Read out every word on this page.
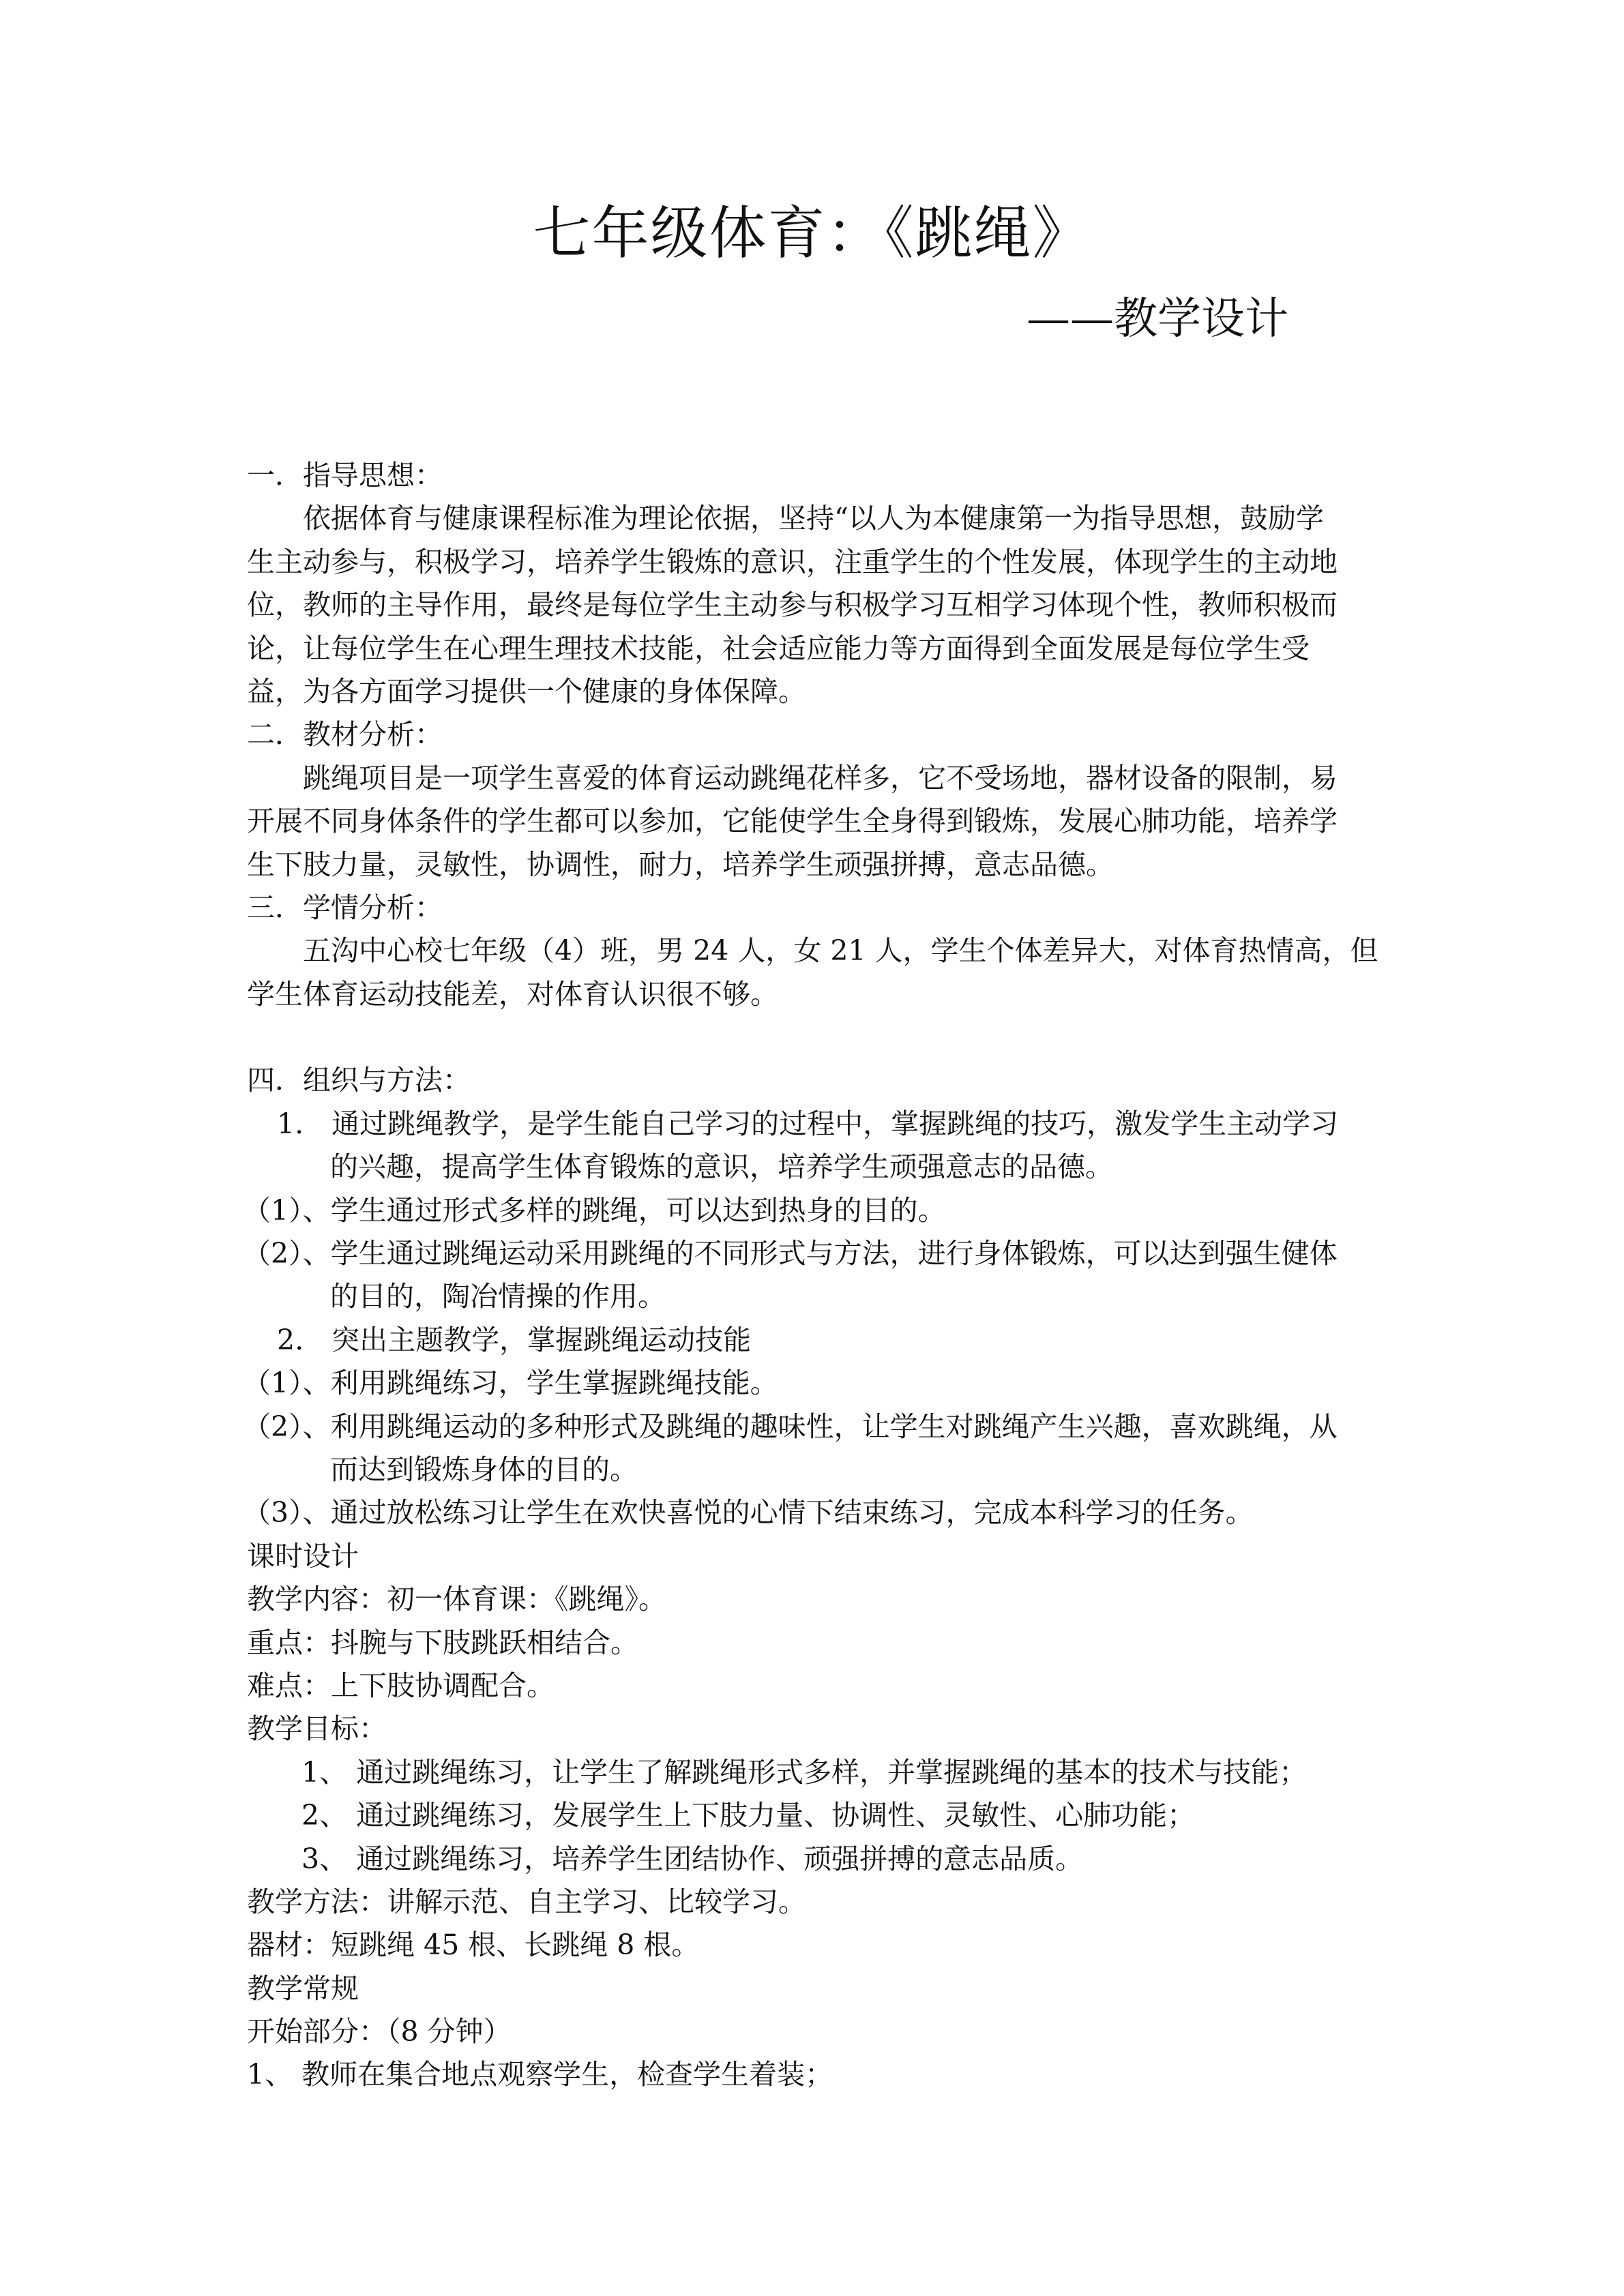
七年级体育：《跳绳》

——教学设计

一．指导思想：
依据体育与健康课程标准为理论依据，坚持“以人为本健康第一为指导思想，鼓励学
生主动参与，积极学习，培养学生锻炼的意识，注重学生的个性发展，体现学生的主动地
位，教师的主导作用，最终是每位学生主动参与积极学习互相学习体现个性，教师积极而
论，让每位学生在心理生理技术技能，社会适应能力等方面得到全面发展是每位学生受
益，为各方面学习提供一个健康的身体保障。
二．教材分析：
跳绳项目是一项学生喜爱的体育运动跳绳花样多，它不受场地，器材设备的限制，易
开展不同身体条件的学生都可以参加，它能使学生全身得到锻炼，发展心肺功能，培养学
生下肢力量，灵敏性，协调性，耐力，培养学生顽强拼搏，意志品德。
三．学情分析：
五沟中心校七年级（4）班，男 24 人，女 21 人，学生个体差异大，对体育热情高，但
学生体育运动技能差，对体育认识很不够。
四．组织与方法：
1.　通过跳绳教学，是学生能自己学习的过程中，掌握跳绳的技巧，激发学生主动学习
的兴趣，提高学生体育锻炼的意识，培养学生顽强意志的品德。
（1）、学生通过形式多样的跳绳，可以达到热身的目的。
（2）、学生通过跳绳运动采用跳绳的不同形式与方法，进行身体锻炼，可以达到强生健体
的目的，陶冶情操的作用。
2.　突出主题教学，掌握跳绳运动技能
（1）、利用跳绳练习，学生掌握跳绳技能。
（2）、利用跳绳运动的多种形式及跳绳的趣味性，让学生对跳绳产生兴趣，喜欢跳绳，从
而达到锻炼身体的目的。
（3）、通过放松练习让学生在欢快喜悦的心情下结束练习，完成本科学习的任务。
课时设计
教学内容：初一体育课：《跳绳》。
重点：抖腕与下肢跳跃相结合。
难点：上下肢协调配合。
教学目标：
1、 通过跳绳练习，让学生了解跳绳形式多样，并掌握跳绳的基本的技术与技能；
2、 通过跳绳练习，发展学生上下肢力量、协调性、灵敏性、心肺功能；
3、 通过跳绳练习，培养学生团结协作、顽强拼搏的意志品质。
教学方法：讲解示范、自主学习、比较学习。
器材：短跳绳 45 根、长跳绳 8 根。
教学常规
开始部分：（8 分钟）
1、 教师在集合地点观察学生，检查学生着装；
